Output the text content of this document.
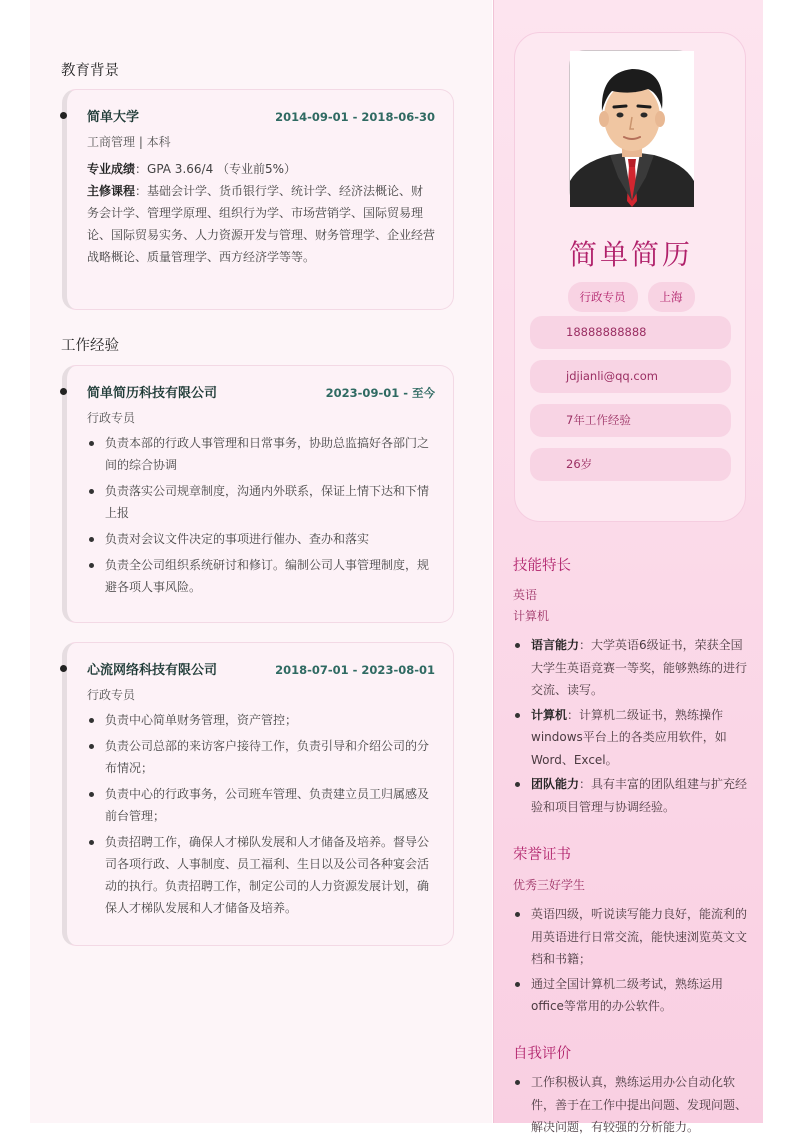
教育背景
简单大学	2014-09-01 - 2018-06-30
工商管理 | 本科
专业成绩：GPA 3.66/4 （专业前5%）
主修课程：基础会计学、货币银行学、统计学、经济法概论、财务会计学、管理学原理、组织行为学、市场营销学、国际贸易理论、国际贸易实务、人力资源开发与管理、财务管理学、企业经营战略概论、质量管理学、西方经济学等等。
工作经验
简单简历科技有限公司	2023-09-01 - 至今
行政专员
负责本部的行政人事管理和日常事务，协助总监搞好各部门之间的综合协调
负责落实公司规章制度，沟通内外联系，保证上情下达和下情上报
负责对会议文件决定的事项进行催办、查办和落实
负责全公司组织系统研讨和修订。编制公司人事管理制度，规避各项人事风险。
心流网络科技有限公司	2018-07-01 - 2023-08-01
行政专员
负责中心简单财务管理，资产管控；
负责公司总部的来访客户接待工作，负责引导和介绍公司的分布情况；
负责中心的行政事务，公司班车管理、负责建立员工归属感及前台管理；
负责招聘工作，确保人才梯队发展和人才储备及培养。督导公司各项行政、人事制度、员工福利、生日以及公司各种宴会活动的执行。负责招聘工作，制定公司的人力资源发展计划，确保人才梯队发展和人才储备及培养。
简单简历
行政专员	上海
18888888888
jdjianli@qq.com
7年工作经验
26岁
技能特长
英语
计算机
语言能力：大学英语6级证书，荣获全国大学生英语竞赛一等奖，能够熟练的进行交流、读写。
计算机：计算机二级证书，熟练操作windows平台上的各类应用软件，如Word、Excel。
团队能力：具有丰富的团队组建与扩充经验和项目管理与协调经验。
荣誉证书
优秀三好学生
英语四级，听说读写能力良好，能流利的用英语进行日常交流，能快速浏览英文文档和书籍；
通过全国计算机二级考试，熟练运用office等常用的办公软件。
自我评价
工作积极认真，熟练运用办公自动化软件，善于在工作中提出问题、发现问题、解决问题，有较强的分析能力。
